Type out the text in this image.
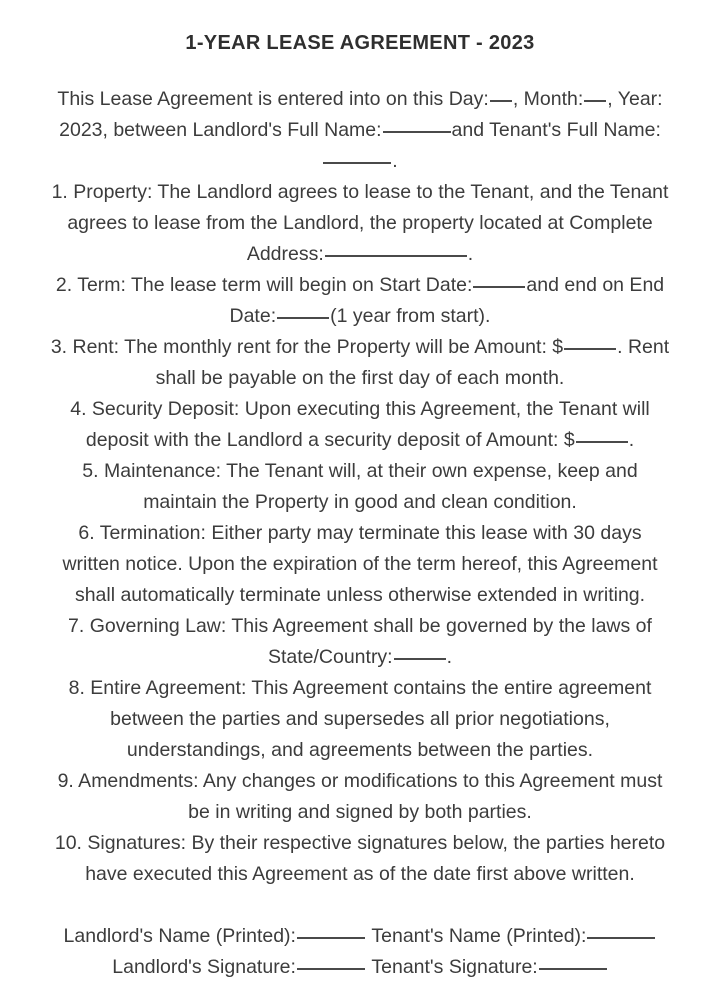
1-YEAR LEASE AGREEMENT - 2023
This Lease Agreement is entered into on this Day: , Month: , Year:
2023, between Landlord's Full Name:	and Tenant's Full Name:
.
1. Property: The Landlord agrees to lease to the Tenant, and the Tenant
agrees to lease from the Landlord, the property located at Complete
Address:	.
2. Term: The lease term will begin on Start Date:	and end on End
Date:	(1 year from start).
3. Rent: The monthly rent for the Property will be Amount: $	. Rent
shall be payable on the first day of each month.
4. Security Deposit: Upon executing this Agreement, the Tenant will
deposit with the Landlord a security deposit of Amount: $	.
5. Maintenance: The Tenant will, at their own expense, keep and
maintain the Property in good and clean condition.
6. Termination: Either party may terminate this lease with 30 days
written notice. Upon the expiration of the term hereof, this Agreement
shall automatically terminate unless otherwise extended in writing.
7. Governing Law: This Agreement shall be governed by the laws of
State/Country:	.
8. Entire Agreement: This Agreement contains the entire agreement
between the parties and supersedes all prior negotiations,
understandings, and agreements between the parties.
9. Amendments: Any changes or modifications to this Agreement must
be in writing and signed by both parties.
10. Signatures: By their respective signatures below, the parties hereto
have executed this Agreement as of the date first above written.
Landlord's Name (Printed):	Tenant's Name (Printed):
Landlord's Signature:	Tenant's Signature:
